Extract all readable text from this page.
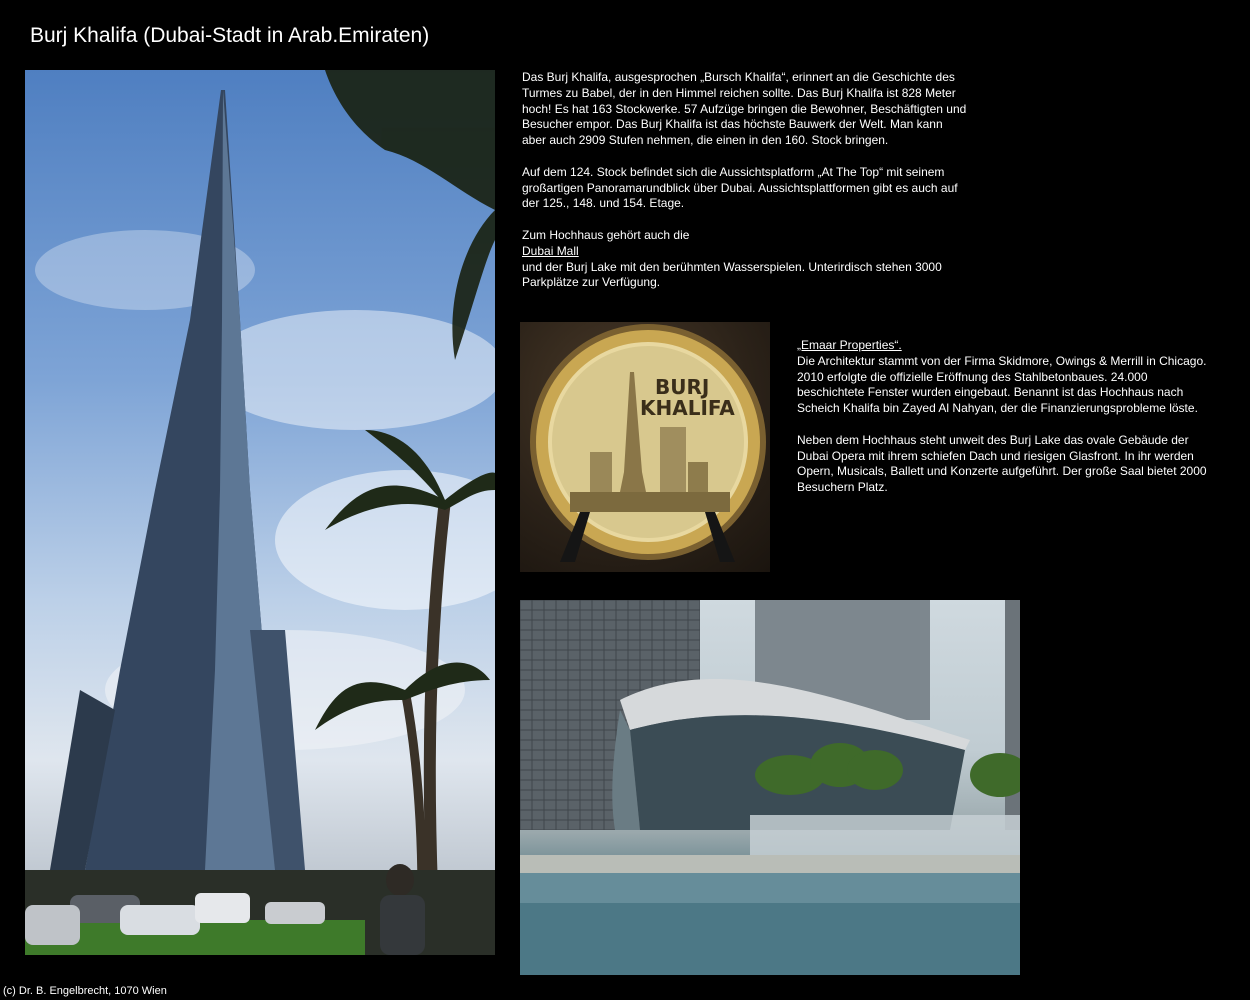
Burj Khalifa (Dubai-Stadt in Arab.Emiraten)

Das Burj Khalifa, ausgesprochen „Bursch Khalifa“, erinnert an die Geschichte des Turmes zu Babel, der in den Himmel reichen sollte. Das Burj Khalifa ist 828 Meter hoch! Es hat 163 Stockwerke. 57 Aufzüge bringen die Bewohner, Beschäftigten und Besucher empor. Das Burj Khalifa ist das höchste Bauwerk der Welt. Man kann aber auch 2909 Stufen nehmen, die einen in den 160. Stock bringen.

Auf dem 124. Stock befindet sich die Aussichtsplatform „At The Top“ mit seinem großartigen Panoramarundblick über Dubai. Aussichtsplattformen gibt es auch auf der 125., 148. und 154. Etage.

Zum Hochhaus gehört auch die
Dubai Mall
und der Burj Lake mit den berühmten Wasserspielen. Unterirdisch stehen 3000 Parkplätze zur Verfügung.

BURJ
KHALIFA
„Emaar Properties“.

Die Architektur stammt von der Firma Skidmore, Owings & Merrill in Chicago. 2010 erfolgte die offizielle Eröffnung des Stahlbetonbaues. 24.000 beschichtete Fenster wurden eingebaut. Benannt ist das Hochhaus nach Scheich Khalifa bin Zayed Al Nahyan, der die Finanzierungsprobleme löste.

Neben dem Hochhaus steht unweit des Burj Lake das ovale Gebäude der Dubai Opera mit ihrem schiefen Dach und riesigen Glasfront. In ihr werden Opern, Musicals, Ballett und Konzerte aufgeführt. Der große Saal bietet 2000 Besuchern Platz.

(c) Dr. B. Engelbrecht, 1070 Wien
